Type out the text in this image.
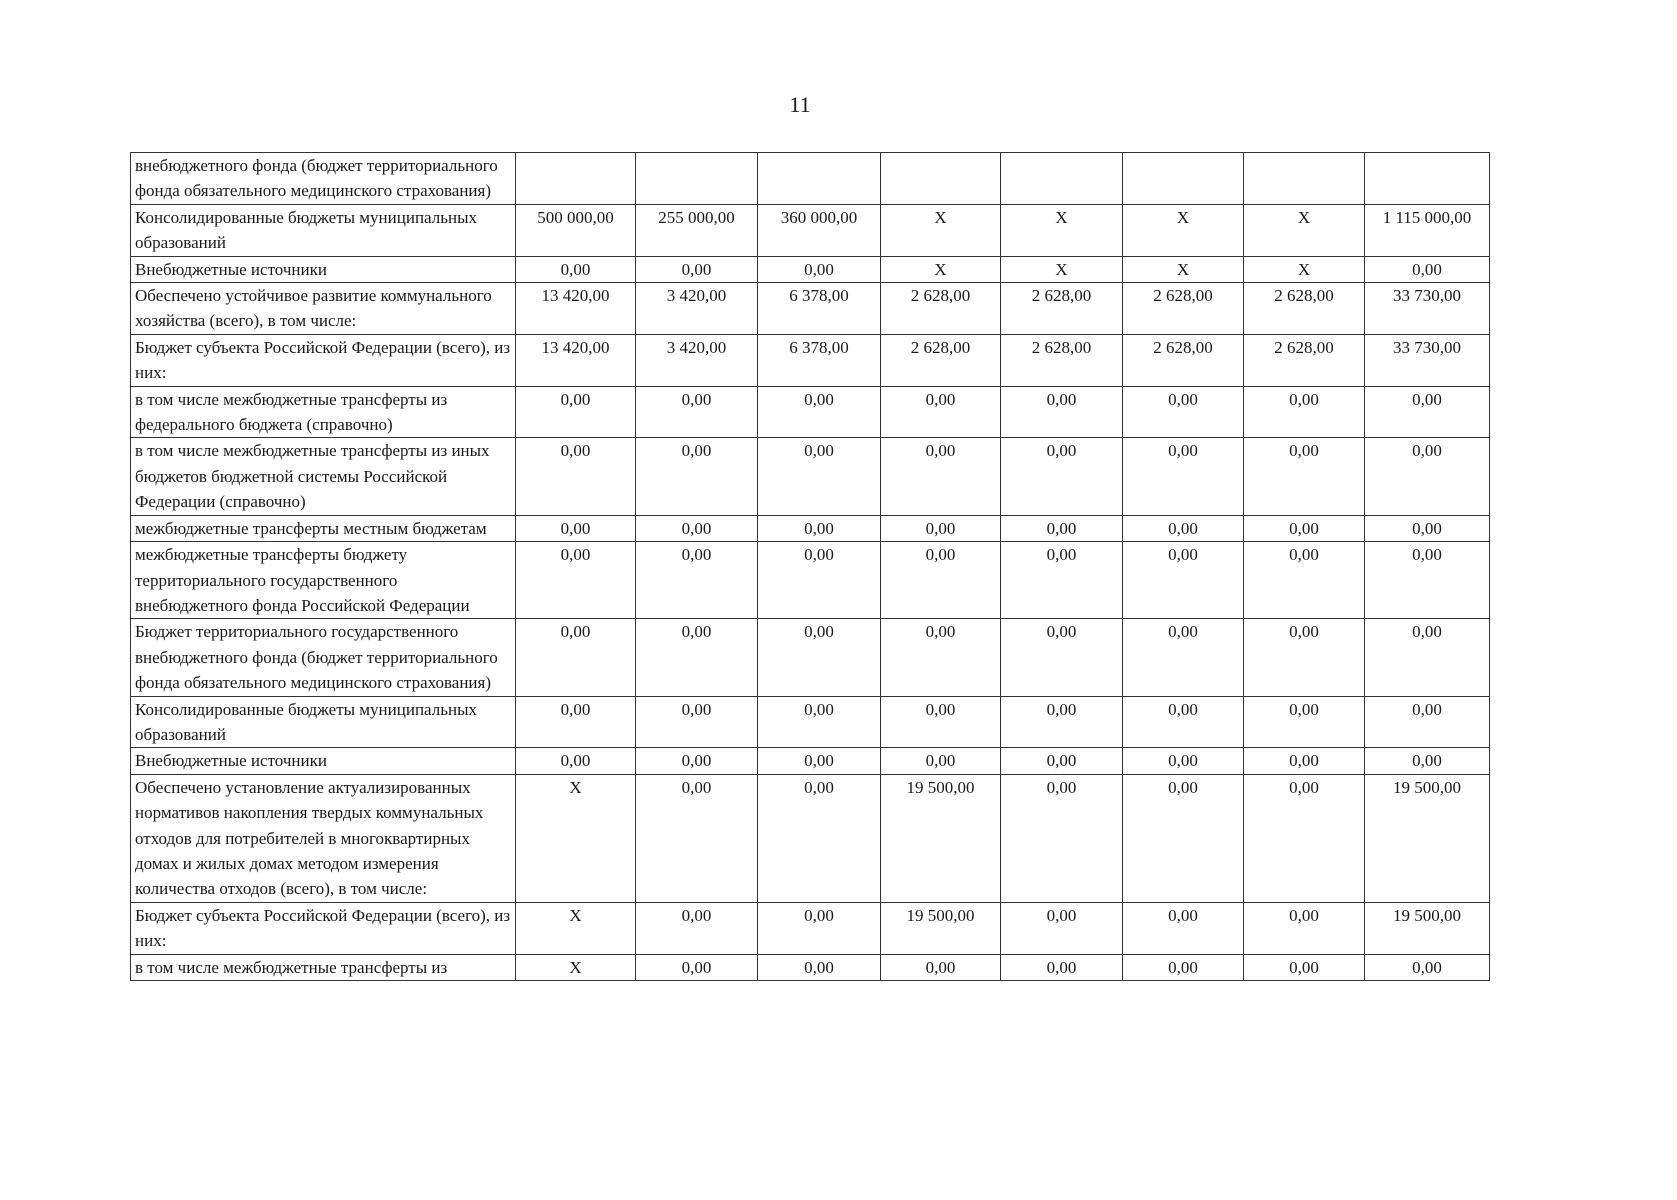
11
внебюджетного фонда (бюджет территориального фонда обязательного медицинского страхования)								
Консолидированные бюджеты муниципальных образований	500 000,00	255 000,00	360 000,00	X	X	X	X	1 115 000,00
Внебюджетные источники	0,00	0,00	0,00	X	X	X	X	0,00
Обеспечено устойчивое развитие коммунального хозяйства (всего), в том числе:	13 420,00	3 420,00	6 378,00	2 628,00	2 628,00	2 628,00	2 628,00	33 730,00
Бюджет субъекта Российской Федерации (всего), из них:	13 420,00	3 420,00	6 378,00	2 628,00	2 628,00	2 628,00	2 628,00	33 730,00
в том числе межбюджетные трансферты из федерального бюджета (справочно)	0,00	0,00	0,00	0,00	0,00	0,00	0,00	0,00
в том числе межбюджетные трансферты из иных бюджетов бюджетной системы Российской Федерации (справочно)	0,00	0,00	0,00	0,00	0,00	0,00	0,00	0,00
межбюджетные трансферты местным бюджетам	0,00	0,00	0,00	0,00	0,00	0,00	0,00	0,00
межбюджетные трансферты бюджету территориального государственного внебюджетного фонда Российской Федерации	0,00	0,00	0,00	0,00	0,00	0,00	0,00	0,00
Бюджет территориального государственного внебюджетного фонда (бюджет территориального фонда обязательного медицинского страхования)	0,00	0,00	0,00	0,00	0,00	0,00	0,00	0,00
Консолидированные бюджеты муниципальных образований	0,00	0,00	0,00	0,00	0,00	0,00	0,00	0,00
Внебюджетные источники	0,00	0,00	0,00	0,00	0,00	0,00	0,00	0,00
Обеспечено установление актуализированных нормативов накопления твердых коммунальных отходов для потребителей в многоквартирных домах и жилых домах методом измерения количества отходов (всего), в том числе:	X	0,00	0,00	19 500,00	0,00	0,00	0,00	19 500,00
Бюджет субъекта Российской Федерации (всего), из них:	X	0,00	0,00	19 500,00	0,00	0,00	0,00	19 500,00
в том числе межбюджетные трансферты из	X	0,00	0,00	0,00	0,00	0,00	0,00	0,00
